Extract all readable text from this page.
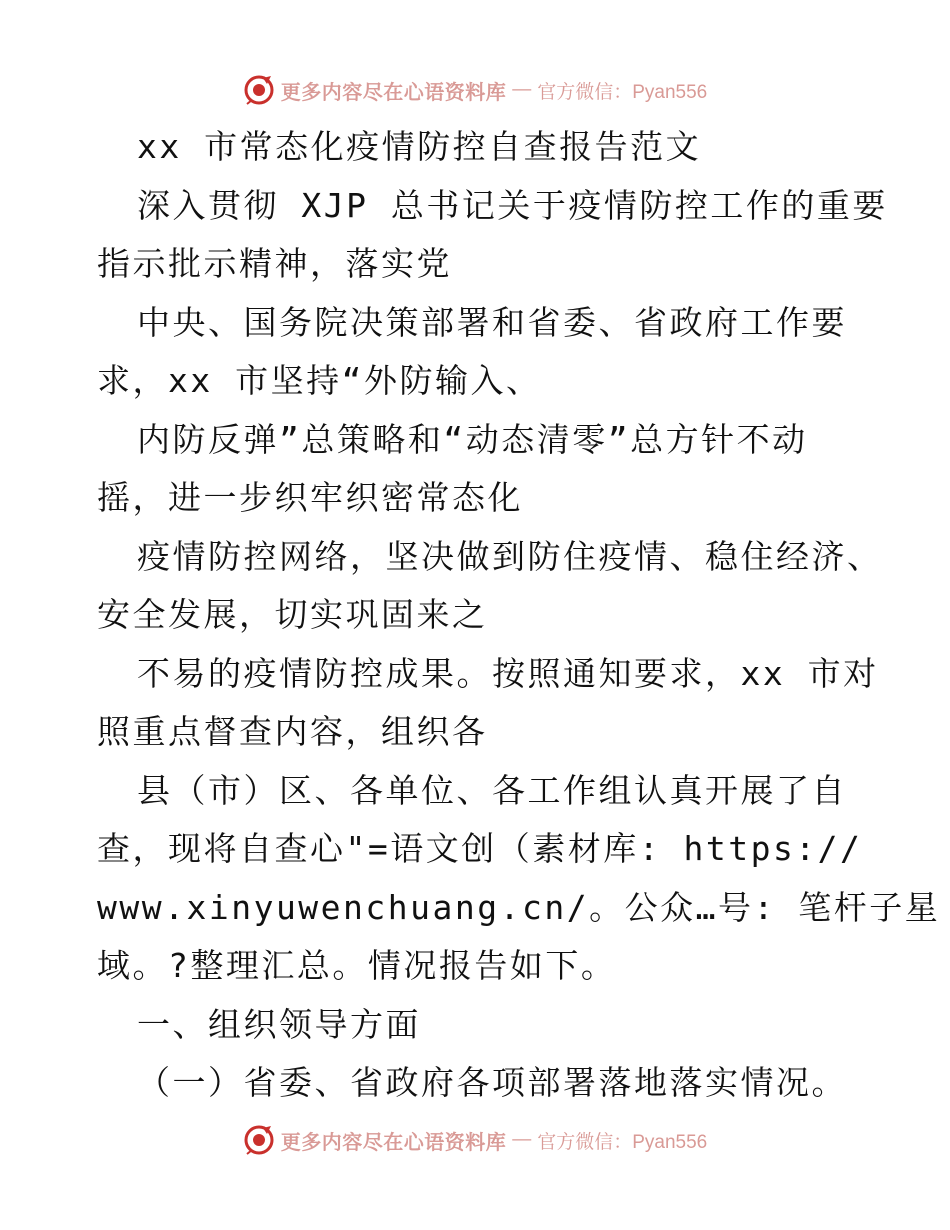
更多内容尽在心语资料库 — 官方微信：Pyan556
xx 市常态化疫情防控自查报告范文
深入贯彻 XJP 总书记关于疫情防控工作的重要
指示批示精神，落实党
中央、国务院决策部署和省委、省政府工作要
求，xx 市坚持“外防输入、
内防反弹”总策略和“动态清零”总方针不动
摇，进一步织牢织密常态化
疫情防控网络，坚决做到防住疫情、稳住经济、
安全发展，切实巩固来之
不易的疫情防控成果。按照通知要求，xx 市对
照重点督查内容，组织各
县（市）区、各单位、各工作组认真开展了自
查，现将自查心"=语文创（素材库: https://
www.xinyuwenchuang.cn/。公众…号: 笔杆子星
域。?整理汇总。情况报告如下。
一、组织领导方面
（一）省委、省政府各项部署落地落实情况。
更多内容尽在心语资料库 — 官方微信：Pyan556
